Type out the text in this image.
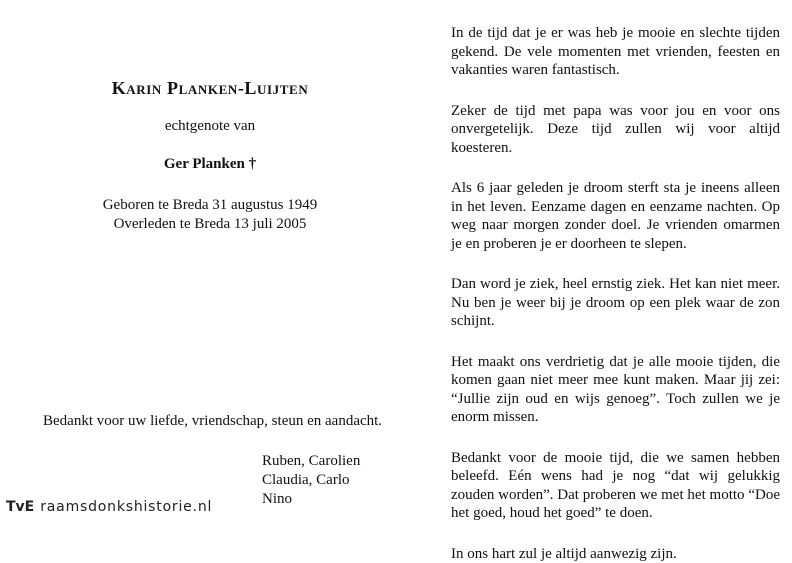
Karin Planken-Luijten
echtgenote van
Ger Planken †
Geboren te Breda 31 augustus 1949
Overleden te Breda 13 juli 2005
Bedankt voor uw liefde, vriendschap, steun en aandacht.
Ruben, Carolien
Claudia, Carlo
Nino

In de tijd dat je er was heb je mooie en slechte tijden gekend. De vele momenten met vrienden, feesten en vakanties waren fantastisch.

Zeker de tijd met papa was voor jou en voor ons onvergetelijk. Deze tijd zullen wij voor altijd koesteren.

Als 6 jaar geleden je droom sterft sta je ineens alleen in het leven. Eenzame dagen en eenzame nachten. Op weg naar morgen zonder doel. Je vrienden omarmen je en proberen je er doorheen te slepen.

Dan word je ziek, heel ernstig ziek. Het kan niet meer. Nu ben je weer bij je droom op een plek waar de zon schijnt.

Het maakt ons verdrietig dat je alle mooie tijden, die komen gaan niet meer mee kunt maken. Maar jij zei: “Jullie zijn oud en wijs genoeg”. Toch zullen we je enorm missen.

Bedankt voor de mooie tijd, die we samen hebben beleefd. Eén wens had je nog “dat wij gelukkig zouden worden”. Dat proberen we met het motto “Doe het goed, houd het goed” te doen.

In ons hart zul je altijd aanwezig zijn.

TvE raamsdonkshistorie.nl
